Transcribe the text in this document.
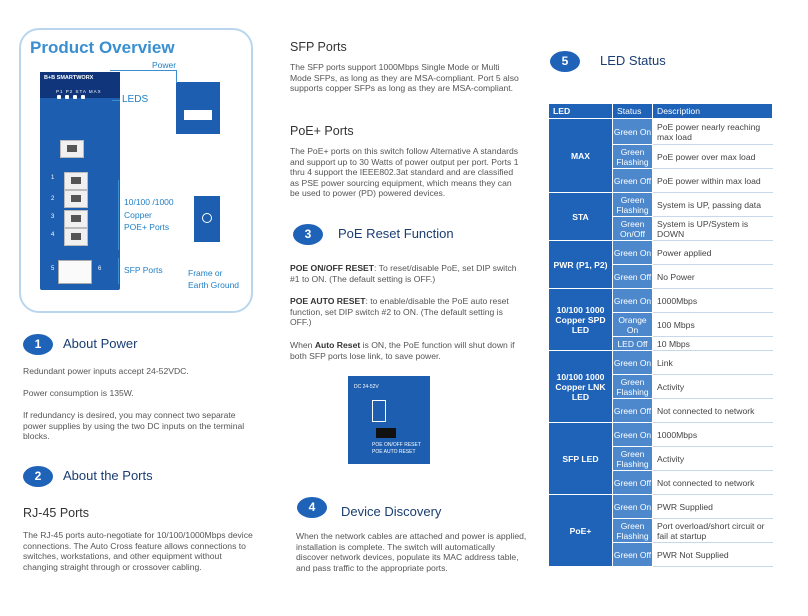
Product Overview
B+B SMARTWORX
P1 P2 STA MAX
1
2
3
4
5	6
Power
LEDS
10/100 /1000
Copper
POE+ Ports
SFP Ports	Frame or
Earth Ground
1	About Power
Redundant power inputs accept 24-52VDC.
Power consumption is 135W.
If redundancy is desired, you may connect two separate power supplies by using the two DC inputs on the terminal blocks.
2	About the Ports
RJ-45 Ports
The RJ-45 ports auto-negotiate for 10/100/1000Mbps device connections. The Auto Cross feature allows connections to switches, workstations, and other equipment without changing straight through or crossover cabling.
SFP Ports
The SFP ports support 1000Mbps Single Mode or Multi Mode SFPs, as long as they are MSA-compliant. Port 5 also supports copper SFPs as long as they are MSA-compliant.
PoE+ Ports
The PoE+ ports on this switch follow Alternative A standards and support up to 30 Watts of power output per port. Ports 1 thru 4 support the IEEE802.3at standard and are classified as PSE power sourcing equipment, which means they can be used to power (PD) powered devices.
3	PoE Reset Function
POE ON/OFF RESET: To reset/disable PoE, set DIP switch #1 to ON. (The default setting is OFF.)
POE AUTO RESET: to enable/disable the PoE auto reset function, set DIP switch #2 to ON. (The default setting is OFF.)
When Auto Reset is ON, the PoE function will shut down if both SFP ports lose link, to save power.
DC 24-52V
POE ON/OFF RESET
POE AUTO RESET
4	Device Discovery
When the network cables are attached and power is applied, installation is complete. The switch will automatically discover network devices, populate its MAC address table, and pass traffic to the appropriate ports.
5	LED Status
LED	Status	Description
MAX	Green On	PoE power nearly reaching max load
	Green Flashing	PoE power over max load
	Green Off	PoE power within max load
STA	Green Flashing	System is UP, passing data
	Green On/Off	System is UP/System is DOWN
PWR (P1, P2)	Green On	Power applied
	Green Off	No Power
10/100 1000 Copper SPD LED	Green On	1000Mbps
	Orange On	100 Mbps
	LED Off	10 Mbps
10/100 1000 Copper LNK LED	Green On	Link
	Green Flashing	Activity
	Green Off	Not connected to network
SFP LED	Green On	1000Mbps
	Green Flashing	Activity
	Green Off	Not connected to network
PoE+	Green On	PWR Supplied
	Green Flashing	Port overload/short circuit or fail at startup
	Green Off	PWR Not Supplied
